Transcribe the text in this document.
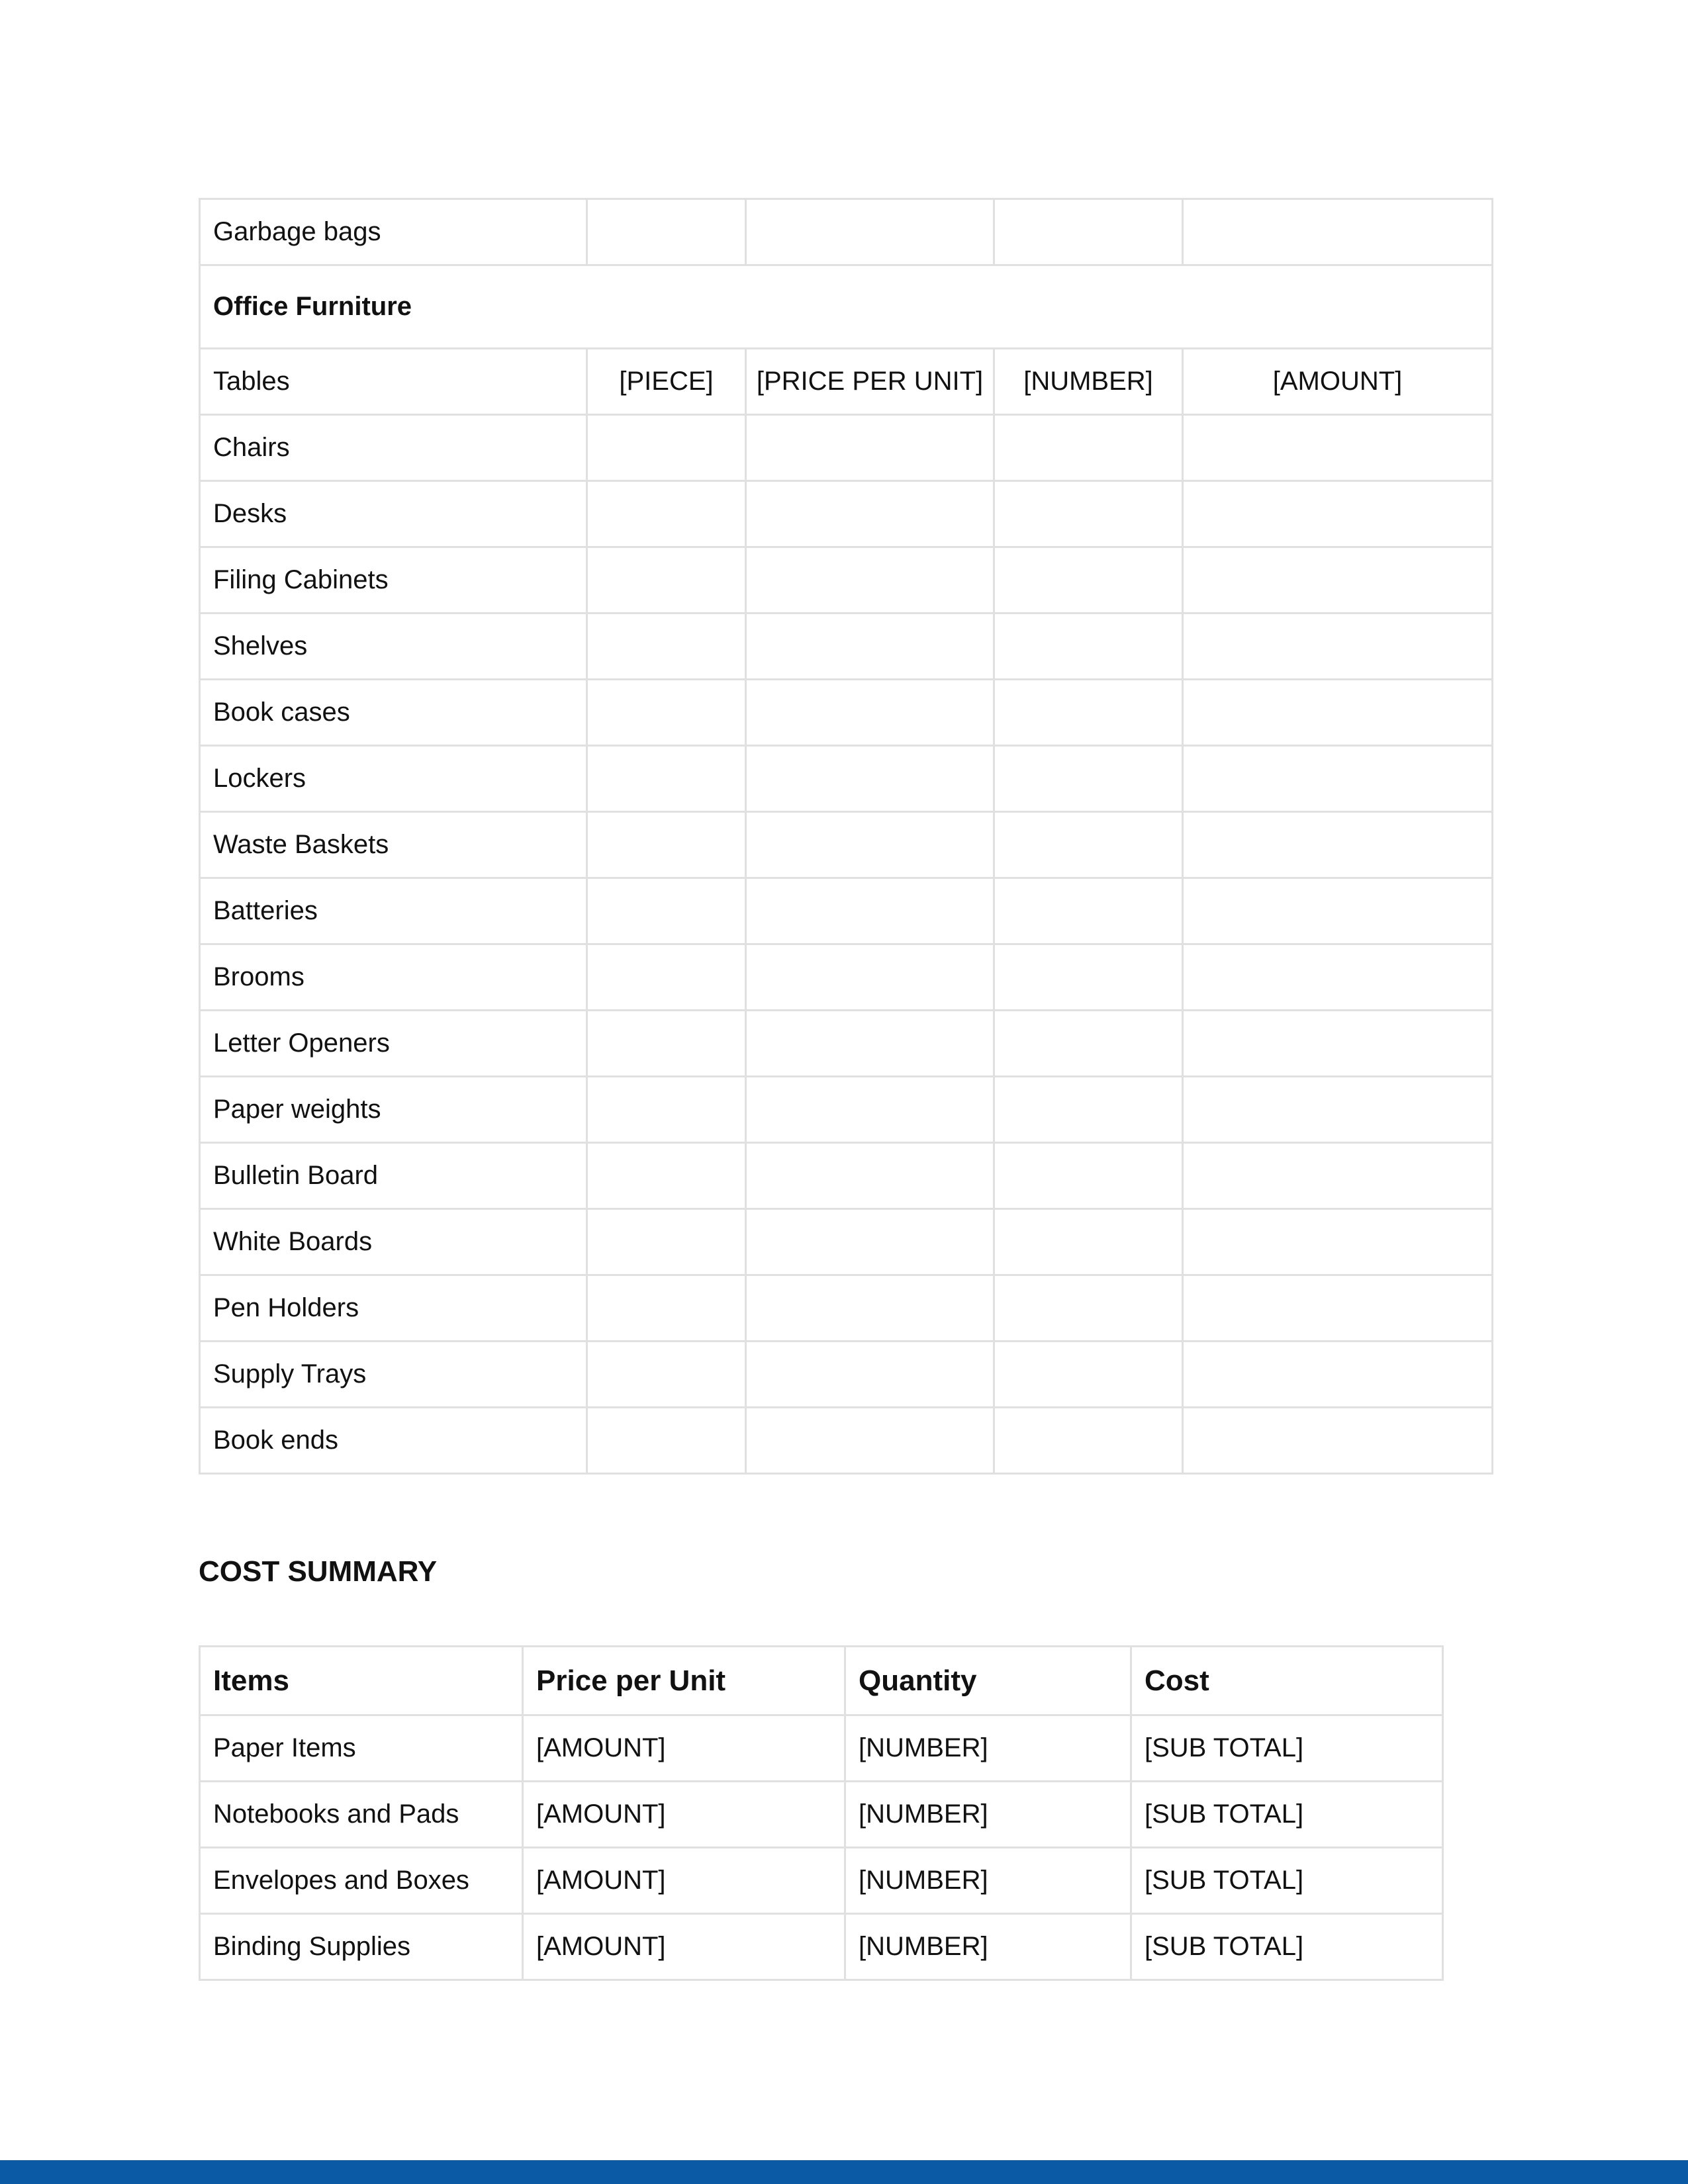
Garbage bags				
Office Furniture				
Tables	[PIECE]	[PRICE PER UNIT]	[NUMBER]	[AMOUNT]
Chairs				
Desks				
Filing Cabinets				
Shelves				
Book cases				
Lockers				
Waste Baskets				
Batteries				
Brooms				
Letter Openers				
Paper weights				
Bulletin Board				
White Boards				
Pen Holders				
Supply Trays				
Book ends				
COST SUMMARY
Items	Price per Unit	Quantity	Cost
Paper Items	[AMOUNT]	[NUMBER]	[SUB TOTAL]
Notebooks and Pads	[AMOUNT]	[NUMBER]	[SUB TOTAL]
Envelopes and Boxes	[AMOUNT]	[NUMBER]	[SUB TOTAL]
Binding Supplies	[AMOUNT]	[NUMBER]	[SUB TOTAL]
